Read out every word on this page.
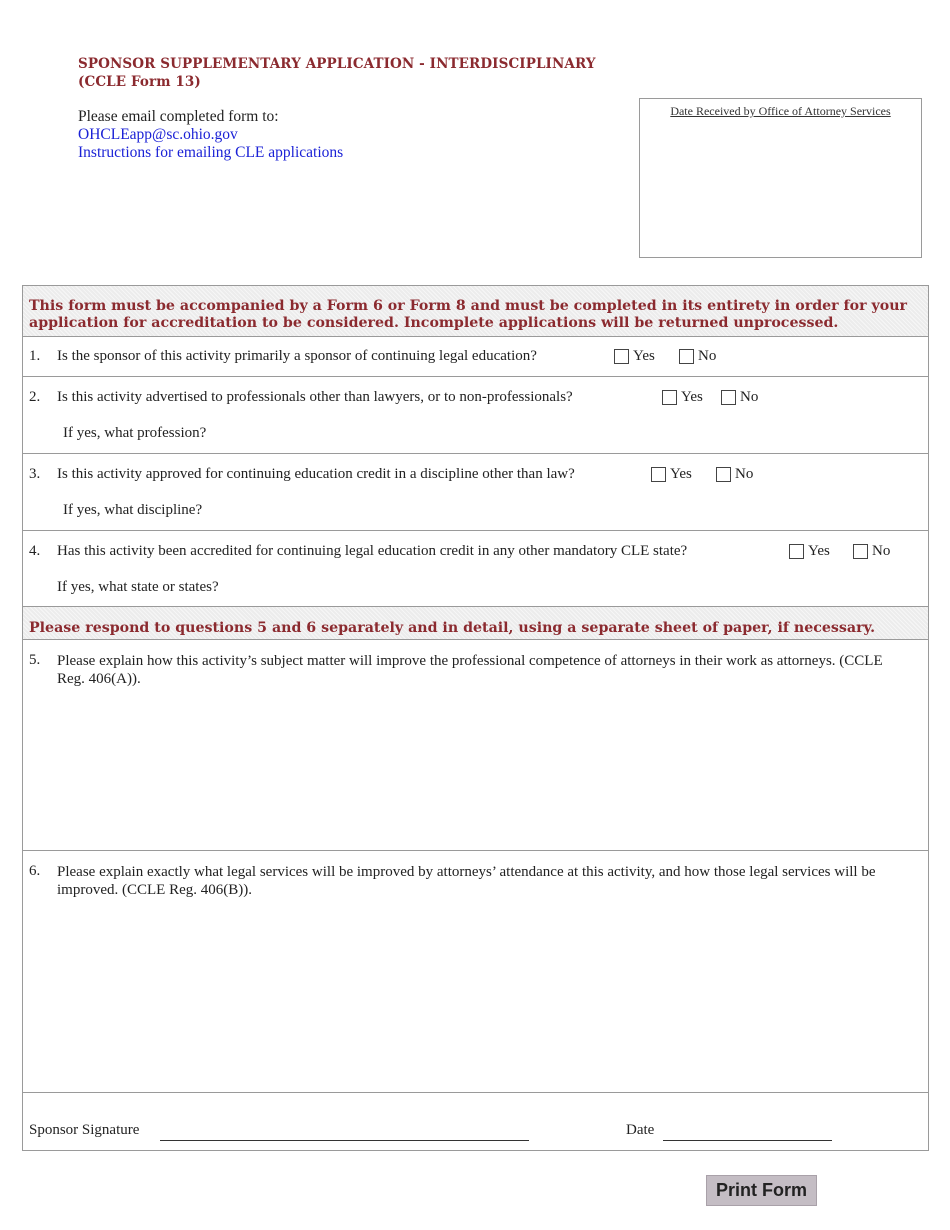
SPONSOR SUPPLEMENTARY APPLICATION - INTERDISCIPLINARY
(CCLE Form 13)
Please email completed form to:
OHCLEapp@sc.ohio.gov
Instructions for emailing CLE applications
Date Received by Office of Attorney Services
This form must be accompanied by a Form 6 or Form 8 and must be completed in its entirety in order for your
application for accreditation to be considered. Incomplete applications will be returned unprocessed.
1. Is the sponsor of this activity primarily a sponsor of continuing legal education?	Yes	No
2. Is this activity advertised to professionals other than lawyers, or to non-professionals?	Yes No
If yes, what profession?
3. Is this activity approved for continuing education credit in a discipline other than law?	Yes	No
If yes, what discipline?
4. Has this activity been accredited for continuing legal education credit in any other mandatory CLE state?	Yes	No
If yes, what state or states?
Please respond to questions 5 and 6 separately and in detail, using a separate sheet of paper, if necessary.
5. Please explain how this activity’s subject matter will improve the professional competence of attorneys in their work as attorneys. (CCLE Reg. 406(A)).
6. Please explain exactly what legal services will be improved by attorneys’ attendance at this activity, and how those legal services will be improved. (CCLE Reg. 406(B)).
Sponsor Signature	Date
Print Form
